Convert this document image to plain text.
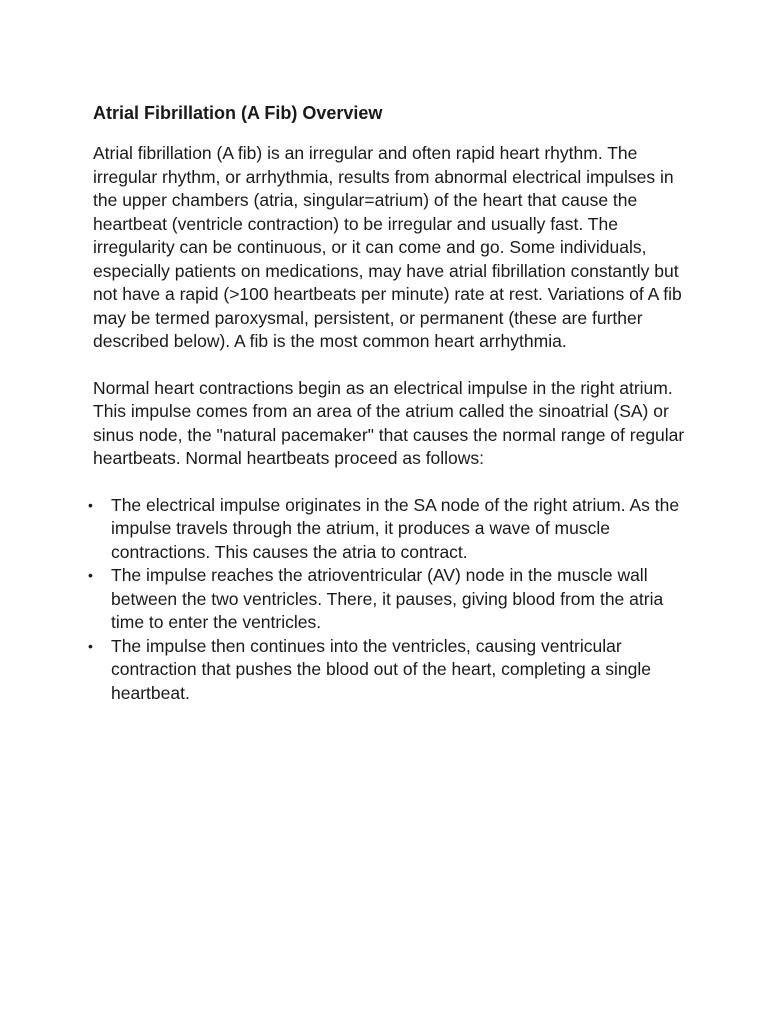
Atrial Fibrillation (A Fib) Overview

Atrial fibrillation (A fib) is an irregular and often rapid heart rhythm. The irregular rhythm, or arrhythmia, results from abnormal electrical impulses in the upper chambers (atria, singular=atrium) of the heart that cause the heartbeat (ventricle contraction) to be irregular and usually fast. The irregularity can be continuous, or it can come and go. Some individuals, especially patients on medications, may have atrial fibrillation constantly but not have a rapid (>100 heartbeats per minute) rate at rest. Variations of A fib may be termed paroxysmal, persistent, or permanent (these are further described below). A fib is the most common heart arrhythmia.

Normal heart contractions begin as an electrical impulse in the right atrium. This impulse comes from an area of the atrium called the sinoatrial (SA) or sinus node, the "natural pacemaker" that causes the normal range of regular heartbeats. Normal heartbeats proceed as follows:

• The electrical impulse originates in the SA node of the right atrium. As the impulse travels through the atrium, it produces a wave of muscle contractions. This causes the atria to contract.
• The impulse reaches the atrioventricular (AV) node in the muscle wall between the two ventricles. There, it pauses, giving blood from the atria time to enter the ventricles.
• The impulse then continues into the ventricles, causing ventricular contraction that pushes the blood out of the heart, completing a single heartbeat.
